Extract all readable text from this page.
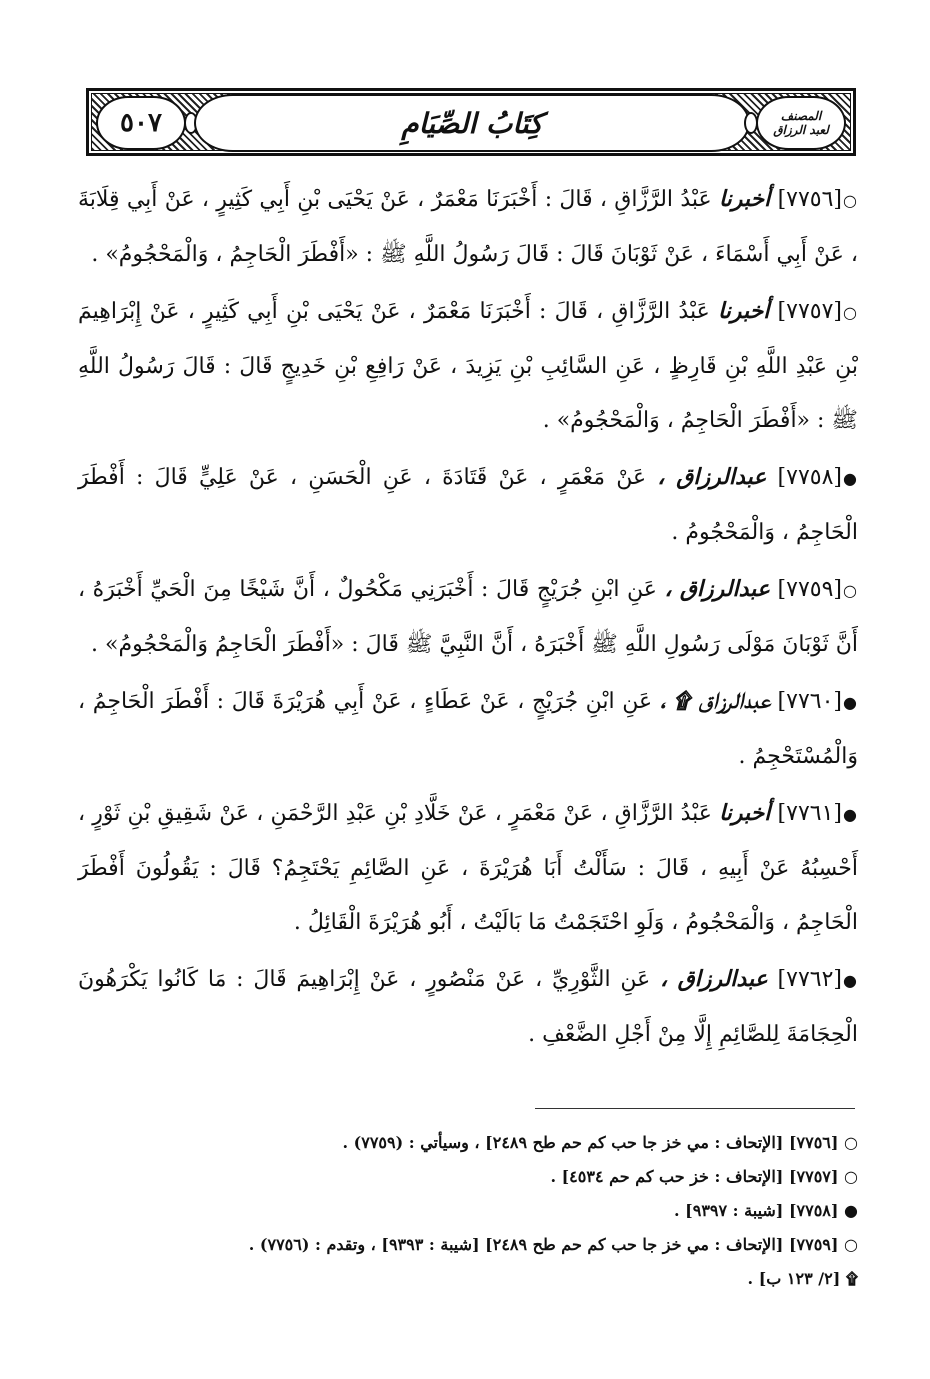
٥٠٧	كِتَابُ الصِّيَامِ	المصنف
لعبد الرزاق

○[٧٧٥٦] أخبرنا عَبْدُ الرَّزَّاقِ ، قَالَ : أَخْبَرَنَا مَعْمَرٌ ، عَنْ يَحْيَى بْنِ أَبِي كَثِيرٍ ، عَنْ أَبِي قِلَابَةَ ، عَنْ أَبِي أَسْمَاءَ ، عَنْ ثَوْبَانَ قَالَ : قَالَ رَسُولُ اللَّهِ ﷺ : «أَفْطَرَ الْحَاجِمُ ، وَالْمَحْجُومُ» .

○[٧٧٥٧] أخبرنا عَبْدُ الرَّزَّاقِ ، قَالَ : أَخْبَرَنَا مَعْمَرٌ ، عَنْ يَحْيَى بْنِ أَبِي كَثِيرٍ ، عَنْ إِبْرَاهِيمَ بْنِ عَبْدِ اللَّهِ بْنِ قَارِظٍ ، عَنِ السَّائِبِ بْنِ يَزِيدَ ، عَنْ رَافِعِ بْنِ خَدِيجٍ قَالَ : قَالَ رَسُولُ اللَّهِ ﷺ : «أَفْطَرَ الْحَاجِمُ ، وَالْمَحْجُومُ» .

●[٧٧٥٨] عبدالرزاق ، عَنْ مَعْمَرٍ ، عَنْ قَتَادَةَ ، عَنِ الْحَسَنِ ، عَنْ عَلِيٍّ قَالَ : أَفْطَرَ الْحَاجِمُ ، وَالْمَحْجُومُ .

○[٧٧٥٩] عبدالرزاق ، عَنِ ابْنِ جُرَيْجٍ قَالَ : أَخْبَرَنِي مَكْحُولٌ ، أَنَّ شَيْخًا مِنَ الْحَيِّ أَخْبَرَهُ ، أَنَّ ثَوْبَانَ مَوْلَى رَسُولِ اللَّهِ ﷺ أَخْبَرَهُ ، أَنَّ النَّبِيَّ ﷺ قَالَ : «أَفْطَرَ الْحَاجِمُ وَالْمَحْجُومُ» .

●[٧٧٦٠] عبدالرزاق ۩ ، عَنِ ابْنِ جُرَيْجٍ ، عَنْ عَطَاءٍ ، عَنْ أَبِي هُرَيْرَةَ قَالَ : أَفْطَرَ الْحَاجِمُ ، وَالْمُسْتَحْجِمُ .

●[٧٧٦١] أخبرنا عَبْدُ الرَّزَّاقِ ، عَنْ مَعْمَرٍ ، عَنْ خَلَّادِ بْنِ عَبْدِ الرَّحْمَنِ ، عَنْ شَقِيقِ بْنِ ثَوْرٍ ، أَحْسِبُهُ عَنْ أَبِيهِ ، قَالَ : سَأَلْتُ أَبَا هُرَيْرَةَ ، عَنِ الصَّائِمِ يَحْتَجِمُ؟ قَالَ : يَقُولُونَ أَفْطَرَ الْحَاجِمُ ، وَالْمَحْجُومُ ، وَلَوِ احْتَجَمْتُ مَا بَالَيْتُ ، أَبُو هُرَيْرَةَ الْقَائِلُ .

●[٧٧٦٢] عبدالرزاق ، عَنِ الثَّوْرِيِّ ، عَنْ مَنْصُورٍ ، عَنْ إِبْرَاهِيمَ قَالَ : مَا كَانُوا يَكْرَهُونَ الْحِجَامَةَ لِلصَّائِمِ إِلَّا مِنْ أَجْلِ الضَّعْفِ .

○ [٧٧٥٦] [الإتحاف : مي خز جا حب كم حم طح ٢٤٨٩] ، وسيأتي : (٧٧٥٩) .
○ [٧٧٥٧] [الإتحاف : خز حب كم حم ٤٥٣٤] .
● [٧٧٥٨] [شيبة : ٩٣٩٧] .
○ [٧٧٥٩] [الإتحاف : مي خز جا حب كم حم طح ٢٤٨٩] [شيبة : ٩٣٩٣] ، وتقدم : (٧٧٥٦) .
۩ [٢/ ١٢٣ ب] .
